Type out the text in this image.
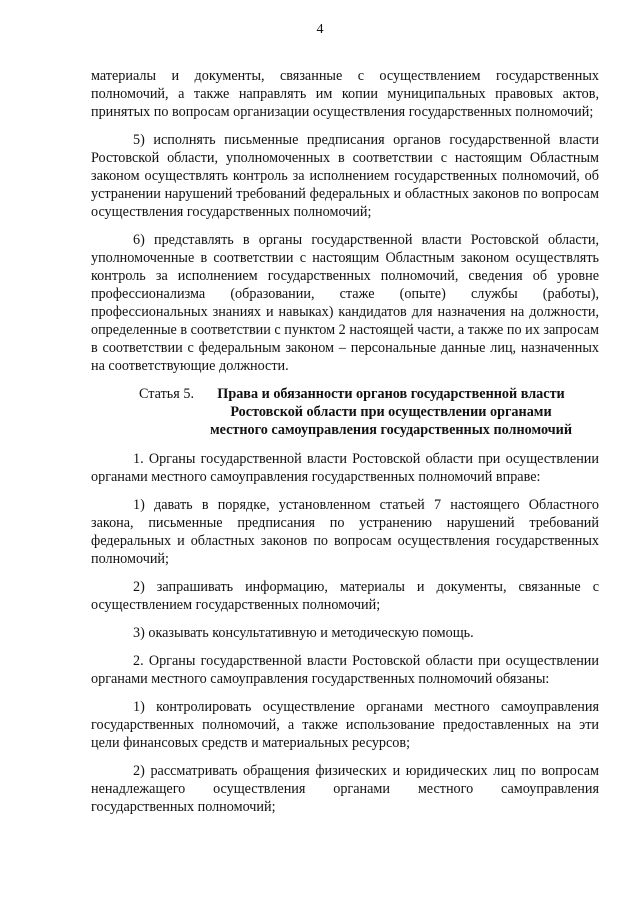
4

материалы и документы, связанные с осуществлением государственных полномочий, а также направлять им копии муниципальных правовых актов, принятых по вопросам организации осуществления государственных полномочий;

5) исполнять письменные предписания органов государственной власти Ростовской области, уполномоченных в соответствии с настоящим Областным законом осуществлять контроль за исполнением государственных полномочий, об устранении нарушений требований федеральных и областных законов по вопросам осуществления государственных полномочий;

6) представлять в органы государственной власти Ростовской области, уполномоченные в соответствии с настоящим Областным законом осуществлять контроль за исполнением государственных полномочий, сведения об уровне профессионализма (образовании, стаже (опыте) службы (работы), профессиональных знаниях и навыках) кандидатов для назначения на должности, определенные в соответствии с пунктом 2 настоящей части, а также по их запросам в соответствии с федеральным законом – персональные данные лиц, назначенных на соответствующие должности.

Статья 5.	Права и обязанности органов государственной власти
Ростовской области при осуществлении органами
местного самоуправления государственных полномочий

1. Органы государственной власти Ростовской области при осуществлении органами местного самоуправления государственных полномочий вправе:

1) давать в порядке, установленном статьей 7 настоящего Областного закона, письменные предписания по устранению нарушений требований федеральных и областных законов по вопросам осуществления государственных полномочий;

2) запрашивать информацию, материалы и документы, связанные с осуществлением государственных полномочий;

3) оказывать консультативную и методическую помощь.

2. Органы государственной власти Ростовской области при осуществлении органами местного самоуправления государственных полномочий обязаны:

1) контролировать осуществление органами местного самоуправления государственных полномочий, а также использование предоставленных на эти цели финансовых средств и материальных ресурсов;

2) рассматривать обращения физических и юридических лиц по вопросам ненадлежащего осуществления органами местного самоуправления государственных полномочий;
